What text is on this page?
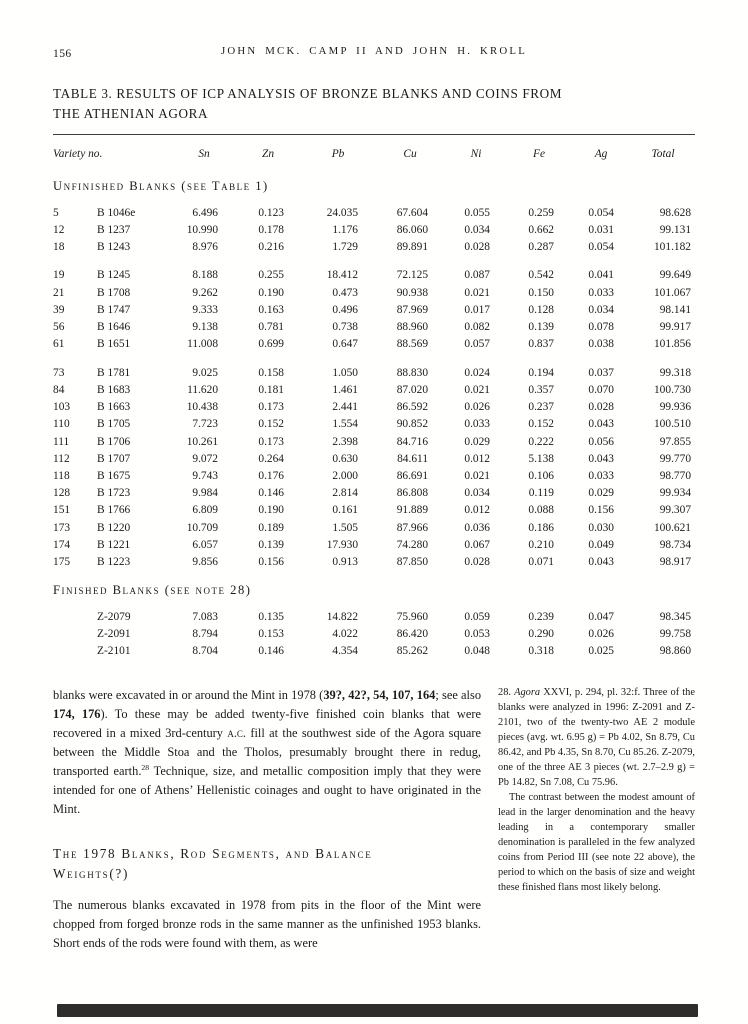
156	JOHN MCK. CAMP II AND JOHN H. KROLL
TABLE 3. RESULTS OF ICP ANALYSIS OF BRONZE BLANKS AND COINS FROM
THE ATHENIAN AGORA
Variety no.		Sn	Zn	Pb	Cu	Ni	Fe	Ag	Total
Unfinished Blanks (see Table 1)									
5	B 1046e	6.496	0.123	24.035	67.604	0.055	0.259	0.054	98.628
12	B 1237	10.990	0.178	1.176	86.060	0.034	0.662	0.031	99.131
18	B 1243	8.976	0.216	1.729	89.891	0.028	0.287	0.054	101.182
19	B 1245	8.188	0.255	18.412	72.125	0.087	0.542	0.041	99.649
21	B 1708	9.262	0.190	0.473	90.938	0.021	0.150	0.033	101.067
39	B 1747	9.333	0.163	0.496	87.969	0.017	0.128	0.034	98.141
56	B 1646	9.138	0.781	0.738	88.960	0.082	0.139	0.078	99.917
61	B 1651	11.008	0.699	0.647	88.569	0.057	0.837	0.038	101.856
73	B 1781	9.025	0.158	1.050	88.830	0.024	0.194	0.037	99.318
84	B 1683	11.620	0.181	1.461	87.020	0.021	0.357	0.070	100.730
103	B 1663	10.438	0.173	2.441	86.592	0.026	0.237	0.028	99.936
110	B 1705	7.723	0.152	1.554	90.852	0.033	0.152	0.043	100.510
111	B 1706	10.261	0.173	2.398	84.716	0.029	0.222	0.056	97.855
112	B 1707	9.072	0.264	0.630	84.611	0.012	5.138	0.043	99.770
118	B 1675	9.743	0.176	2.000	86.691	0.021	0.106	0.033	98.770
128	B 1723	9.984	0.146	2.814	86.808	0.034	0.119	0.029	99.934
151	B 1766	6.809	0.190	0.161	91.889	0.012	0.088	0.156	99.307
173	B 1220	10.709	0.189	1.505	87.966	0.036	0.186	0.030	100.621
174	B 1221	6.057	0.139	17.930	74.280	0.067	0.210	0.049	98.734
175	B 1223	9.856	0.156	0.913	87.850	0.028	0.071	0.043	98.917
Finished Blanks (see note 28)									
	Z-2079	7.083	0.135	14.822	75.960	0.059	0.239	0.047	98.345
	Z-2091	8.794	0.153	4.022	86.420	0.053	0.290	0.026	99.758
	Z-2101	8.704	0.146	4.354	85.262	0.048	0.318	0.025	98.860

blanks were excavated in or around the Mint in 1978 (39?, 42?, 54, 107, 164; see also 174, 176). To these may be added twenty-five finished coin blanks that were recovered in a mixed 3rd-century a.c. fill at the southwest side of the Agora square between the Middle Stoa and the Tholos, presumably brought there in redug, transported earth.$^{28}$ Technique, size, and metallic composition imply that they were intended for one of Athens’ Hellenistic coinages and ought to have originated in the Mint.

The 1978 Blanks, Rod Segments, and Balance
Weights(?)

The numerous blanks excavated in 1978 from pits in the floor of the Mint were chopped from forged bronze rods in the same manner as the unfinished 1953 blanks. Short ends of the rods were found with them, as were

28. Agora XXVI, p. 294, pl. 32:f. Three of the blanks were analyzed in 1996: Z-2091 and Z-2101, two of the twenty-two AE 2 module pieces (avg. wt. 6.95 g) = Pb 4.02, Sn 8.79, Cu 86.42, and Pb 4.35, Sn 8.70, Cu 85.26. Z-2079, one of the three AE 3 pieces (wt. 2.7–2.9 g) = Pb 14.82, Sn 7.08, Cu 75.96.

The contrast between the modest amount of lead in the larger denomination and the heavy leading in a contemporary smaller denomination is paralleled in the few analyzed coins from Period III (see note 22 above), the period to which on the basis of size and weight these finished flans most likely belong.
